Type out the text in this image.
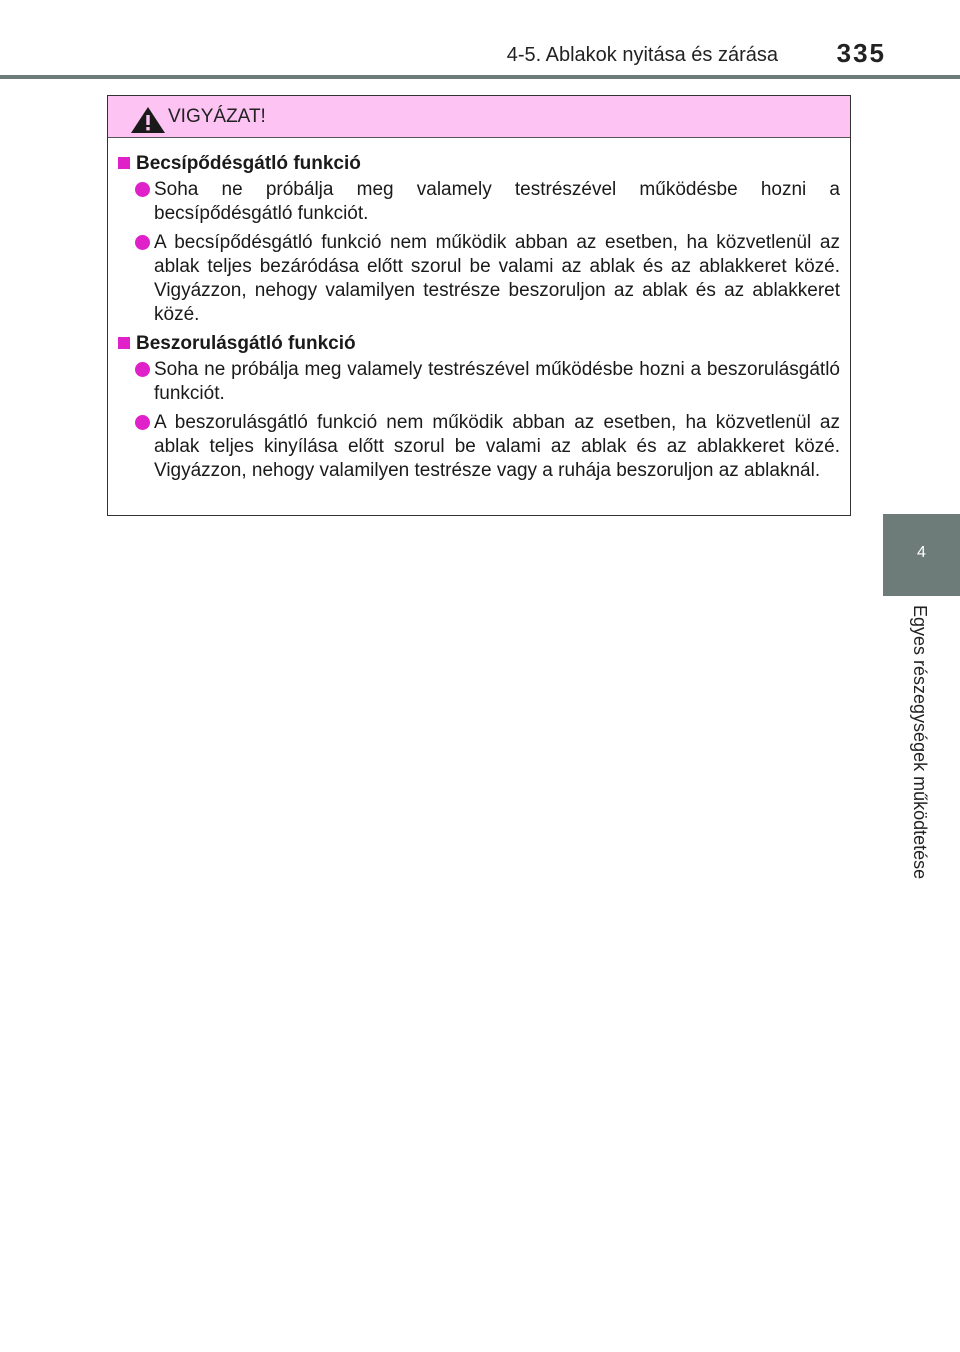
4-5. Ablakok nyitása és zárása 335
4
Egyes részegységek működtetése
VIGYÁZAT!
Becsípődésgátló funkció
Soha ne próbálja meg valamely testrészével működésbe hozni a becsípődésgátló funkciót.
A becsípődésgátló funkció nem működik abban az esetben, ha közvetlenül az ablak teljes bezáródása előtt szorul be valami az ablak és az ablakkeret közé. Vigyázzon, nehogy valamilyen testrésze beszoruljon az ablak és az ablakkeret közé.
Beszorulásgátló funkció
Soha ne próbálja meg valamely testrészével működésbe hozni a beszorulásgátló funkciót.
A beszorulásgátló funkció nem működik abban az esetben, ha közvetlenül az ablak teljes kinyílása előtt szorul be valami az ablak és az ablakkeret közé. Vigyázzon, nehogy valamilyen testrésze vagy a ruhája beszoruljon az ablaknál.
